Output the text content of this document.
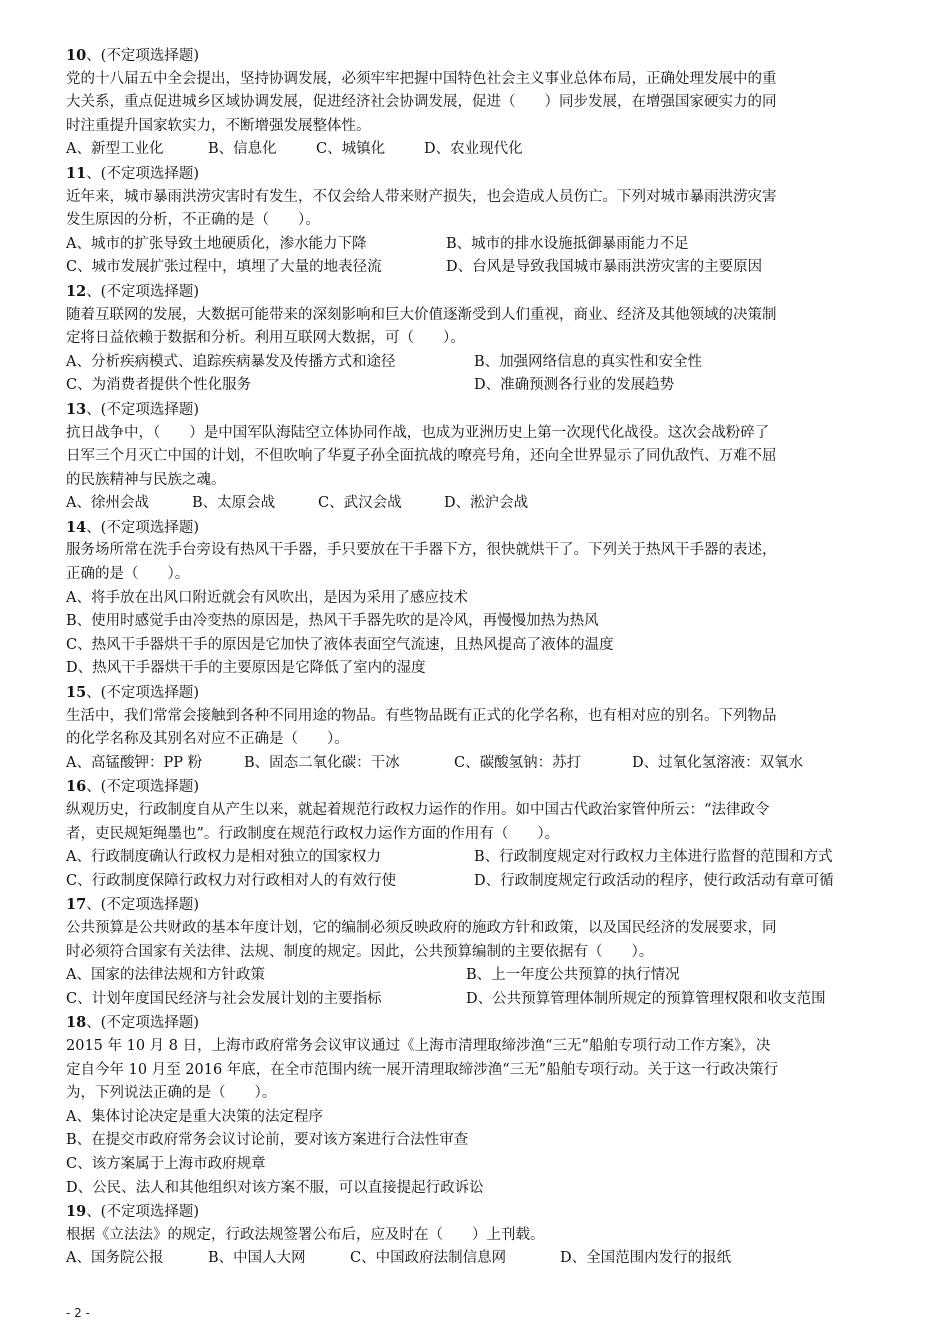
10、(不定项选择题)
党的十八届五中全会提出，坚持协调发展，必须牢牢把握中国特色社会主义事业总体布局，正确处理发展中的重
大关系，重点促进城乡区域协调发展，促进经济社会协调发展，促进（　　）同步发展，在增强国家硬实力的同
时注重提升国家软实力，不断增强发展整体性。
A、新型工业化	B、信息化	C、城镇化	D、农业现代化
11、(不定项选择题)
近年来，城市暴雨洪涝灾害时有发生，不仅会给人带来财产损失，也会造成人员伤亡。下列对城市暴雨洪涝灾害
发生原因的分析，不正确的是（　　）。
A、城市的扩张导致土地硬质化，渗水能力下降	B、城市的排水设施抵御暴雨能力不足
C、城市发展扩张过程中，填埋了大量的地表径流	D、台风是导致我国城市暴雨洪涝灾害的主要原因
12、(不定项选择题)
随着互联网的发展，大数据可能带来的深刻影响和巨大价值逐渐受到人们重视，商业、经济及其他领域的决策制
定将日益依赖于数据和分析。利用互联网大数据，可（　　）。
A、分析疾病模式、追踪疾病暴发及传播方式和途径	B、加强网络信息的真实性和安全性
C、为消费者提供个性化服务	D、准确预测各行业的发展趋势
13、(不定项选择题)
抗日战争中，（　　）是中国军队海陆空立体协同作战，也成为亚洲历史上第一次现代化战役。这次会战粉碎了
日军三个月灭亡中国的计划，不但吹响了华夏子孙全面抗战的嘹亮号角，还向全世界显示了同仇敌忾、万难不屈
的民族精神与民族之魂。
A、徐州会战	B、太原会战	C、武汉会战	D、淞沪会战
14、(不定项选择题)
服务场所常在洗手台旁设有热风干手器，手只要放在干手器下方，很快就烘干了。下列关于热风干手器的表述，
正确的是（　　）。
A、将手放在出风口附近就会有风吹出，是因为采用了感应技术
B、使用时感觉手由冷变热的原因是，热风干手器先吹的是冷风，再慢慢加热为热风
C、热风干手器烘干手的原因是它加快了液体表面空气流速，且热风提高了液体的温度
D、热风干手器烘干手的主要原因是它降低了室内的湿度
15、(不定项选择题)
生活中，我们常常会接触到各种不同用途的物品。有些物品既有正式的化学名称，也有相对应的别名。下列物品
的化学名称及其别名对应不正确是（　　）。
A、高锰酸钾：PP 粉	B、固态二氧化碳：干冰	C、碳酸氢钠：苏打	D、过氧化氢溶液：双氧水
16、(不定项选择题)
纵观历史，行政制度自从产生以来，就起着规范行政权力运作的作用。如中国古代政治家管仲所云：“法律政令
者，吏民规矩绳墨也”。行政制度在规范行政权力运作方面的作用有（　　）。
A、行政制度确认行政权力是相对独立的国家权力	B、行政制度规定对行政权力主体进行监督的范围和方式
C、行政制度保障行政权力对行政相对人的有效行使	D、行政制度规定行政活动的程序，使行政活动有章可循
17、(不定项选择题)
公共预算是公共财政的基本年度计划，它的编制必须反映政府的施政方针和政策，以及国民经济的发展要求，同
时必须符合国家有关法律、法规、制度的规定。因此，公共预算编制的主要依据有（　　）。
A、国家的法律法规和方针政策	B、上一年度公共预算的执行情况
C、计划年度国民经济与社会发展计划的主要指标	D、公共预算管理体制所规定的预算管理权限和收支范围
18、(不定项选择题)
2015 年 10 月 8 日，上海市政府常务会议审议通过《上海市清理取缔涉渔“三无”船舶专项行动工作方案》，决
定自今年 10 月至 2016 年底，在全市范围内统一展开清理取缔涉渔“三无”船舶专项行动。关于这一行政决策行
为，下列说法正确的是（　　）。
A、集体讨论决定是重大决策的法定程序
B、在提交市政府常务会议讨论前，要对该方案进行合法性审查
C、该方案属于上海市政府规章
D、公民、法人和其他组织对该方案不服，可以直接提起行政诉讼
19、(不定项选择题)
根据《立法法》的规定，行政法规签署公布后，应及时在（　　）上刊载。
A、国务院公报	B、中国人大网	C、中国政府法制信息网	D、全国范围内发行的报纸
- 2 -
